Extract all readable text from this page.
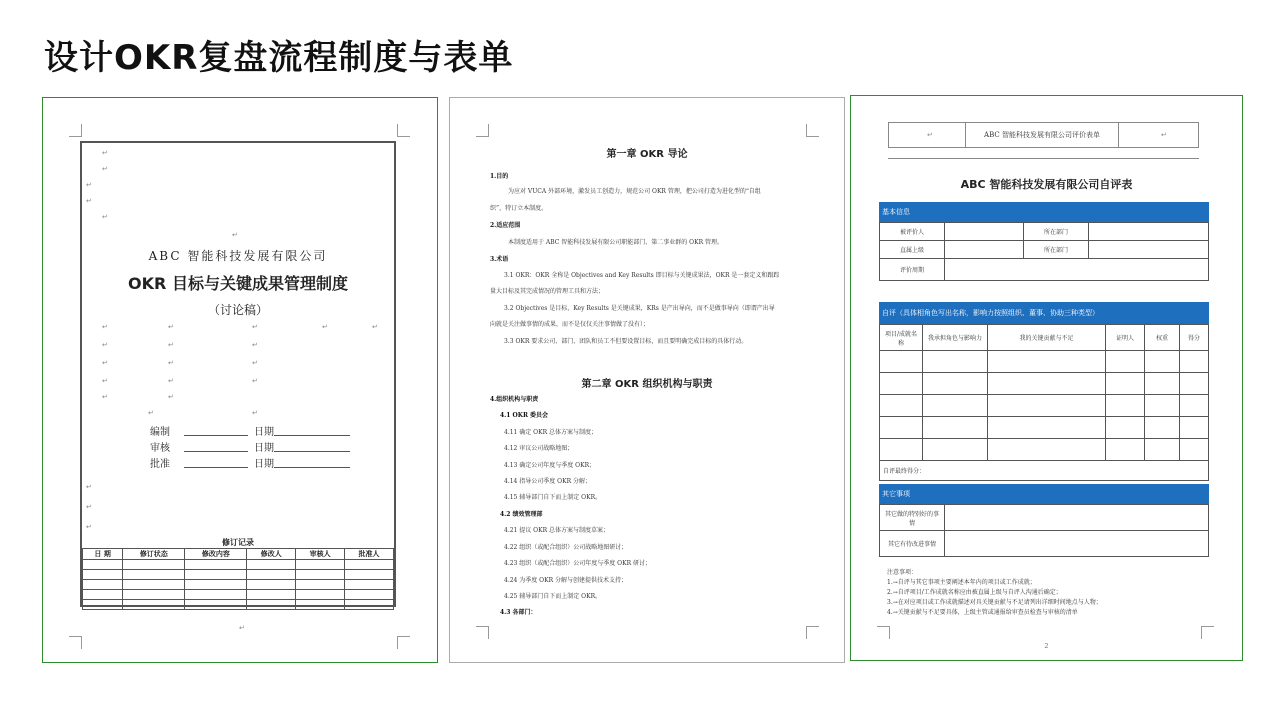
设计OKR复盘流程制度与表单
↵
↵
↵
↵
↵
↵
ABC 智能科技发展有限公司
OKR 目标与关键成果管理制度
（讨论稿）
↵	↵	↵	↵	↵
↵	↵	↵
↵	↵	↵
↵	↵	↵
↵	↵
↵	↵
编制	日期
审核	日期
批准	日期
↵
↵
↵
修订记录
日 期	修订状态	修改内容	修改人	审核人	批准人

↵
第一章 OKR 导论
1.目的
为应对 VUCA 外部环境，激发员工创造力，规范公司 OKR 管理，把公司打造为进化型的“自组
织”，特订立本制度。
2.适应范围
本制度适用于 ABC 智能科技发展有限公司职能部门、第二事业群的 OKR 管理。
3.术语
3.1 OKR：OKR 全称是 Objectives and Key Results 即目标与关键成果法，OKR 是一套定义和跟踪
量大目标及其完成情况的管理工具和方法；
3.2 Objectives 是目标，Key Results 是关键成果，KRs 是产出导向，而不是做事导向（即谓产出导
向就是关注做事情的成果，而不是仅仅关注事情做了没有）；
3.3 OKR 要求公司、部门、团队和员工不但要设置目标，而且要明确完成目标的具体行动。
第二章 OKR 组织机构与职责
4.组织机构与职责
4.1 OKR 委员会
4.11 确定 OKR 总体方案与制度；
4.12 审议公司战略地图；
4.13 确定公司年度与季度 OKR；
4.14 指导公司季度 OKR 分解；
4.15 辅导部门自下而上制定 OKR。
4.2 绩效管理部
4.21 提议 OKR 总体方案与制度草案；
4.22 组织（或配合组织）公司战略地图研讨；
4.23 组织（或配合组织）公司年度与季度 OKR 研讨；
4.24 为季度 OKR 分解与创建提供技术支持；
4.25 辅导部门自下而上制定 OKR。
4.3 各部门：
↵	ABC 智能科技发展有限公司评价表单	↵
ABC 智能科技发展有限公司自评表
基本信息
被评价人		所在部门	
直属上级		所在部门	
评价周期			
自评（具体相角色写出名称，影响力按照组织、董事、协助三种类型）
项目/成就名称	我承担角色与影响力	我的关键贡献与不足	证明人	权重	得分

自评最终得分：					
其它事项
其它做的特别好的事情	
其它有待改进事情	
注意事项：
1.→自评与其它事项主要阐述本年内的项目或工作成就；
2.→自评项目/工作成就名称应由被直属上级与自评人沟通后确定；
3.→在对应项目或工作成就描述对具关键贡献与不足请列出详细时间地点与人物；
4.→关键贡献与不足要具体，上级主管或通报给审查员检查与审核的清单
2
